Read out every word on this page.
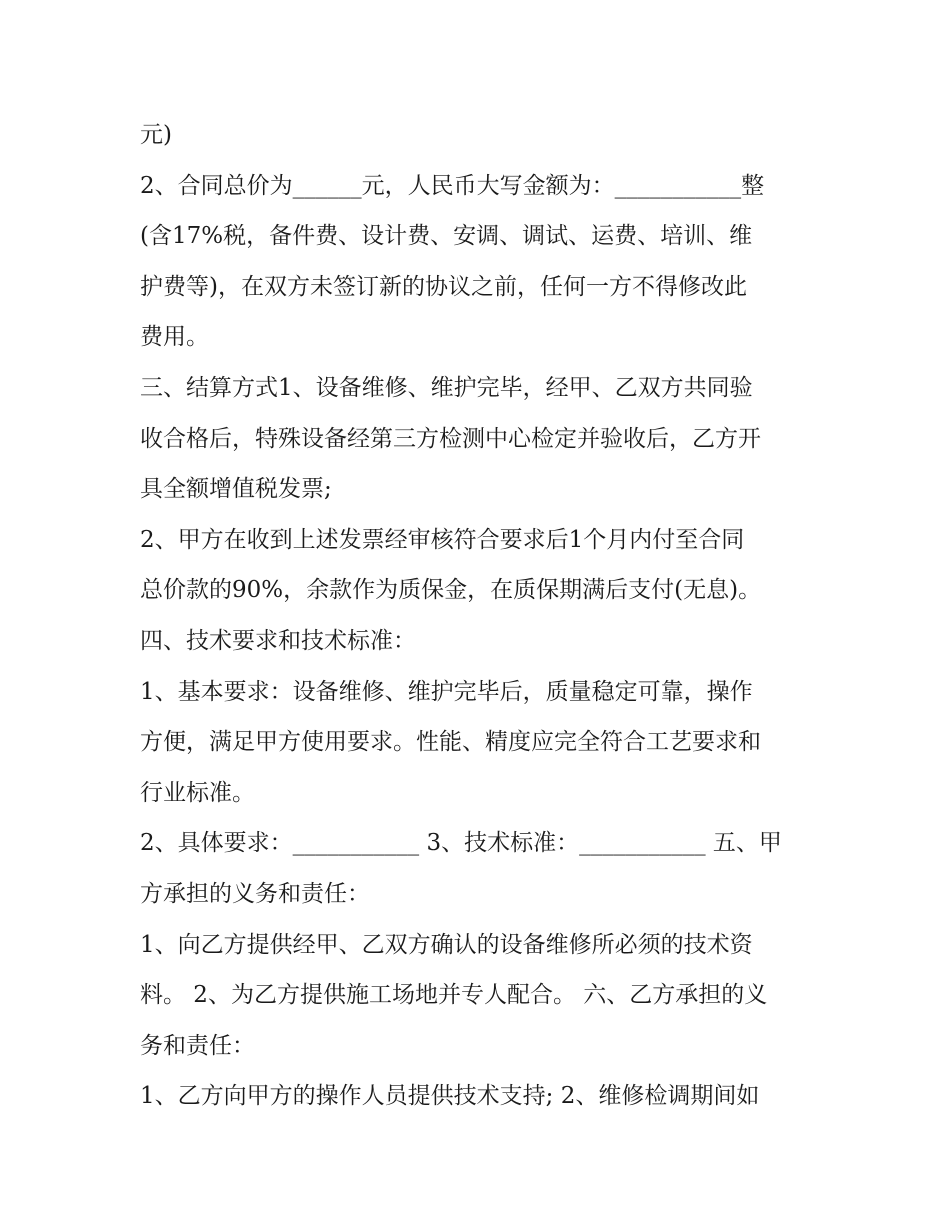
元)
2、合同总价为______元，人民币大写金额为：___________整
(含17%税，备件费、设计费、安调、调试、运费、培训、维
护费等)，在双方未签订新的协议之前，任何一方不得修改此
费用。
三、结算方式1、设备维修、维护完毕，经甲、乙双方共同验
收合格后，特殊设备经第三方检测中心检定并验收后，乙方开
具全额增值税发票;
2、甲方在收到上述发票经审核符合要求后1个月内付至合同
总价款的90%，余款作为质保金，在质保期满后支付(无息)。
四、技术要求和技术标准：
1、基本要求：设备维修、维护完毕后，质量稳定可靠，操作
方便，满足甲方使用要求。性能、精度应完全符合工艺要求和
行业标准。
2、具体要求：___________ 3、技术标准：___________ 五、甲
方承担的义务和责任：
1、向乙方提供经甲、乙双方确认的设备维修所必须的技术资
料。 2、为乙方提供施工场地并专人配合。 六、乙方承担的义
务和责任：
1、乙方向甲方的操作人员提供技术支持; 2、维修检调期间如
